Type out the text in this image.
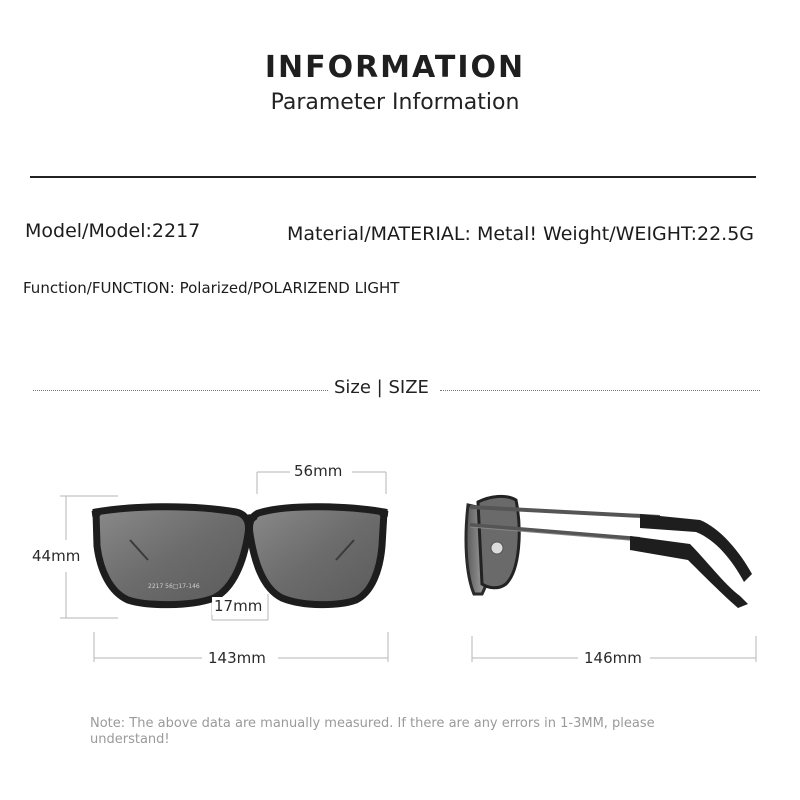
INFORMATION
Parameter Information
Model/Model:2217	Material/MATERIAL: Metal! Weight/WEIGHT:22.5G
Function/FUNCTION: Polarized/POLARIZEND LIGHT
Size | SIZE
2217 56□17-146
56mm
44mm
17mm
143mm	146mm
Note: The above data are manually measured. If there are any errors in 1-3MM, please understand!
